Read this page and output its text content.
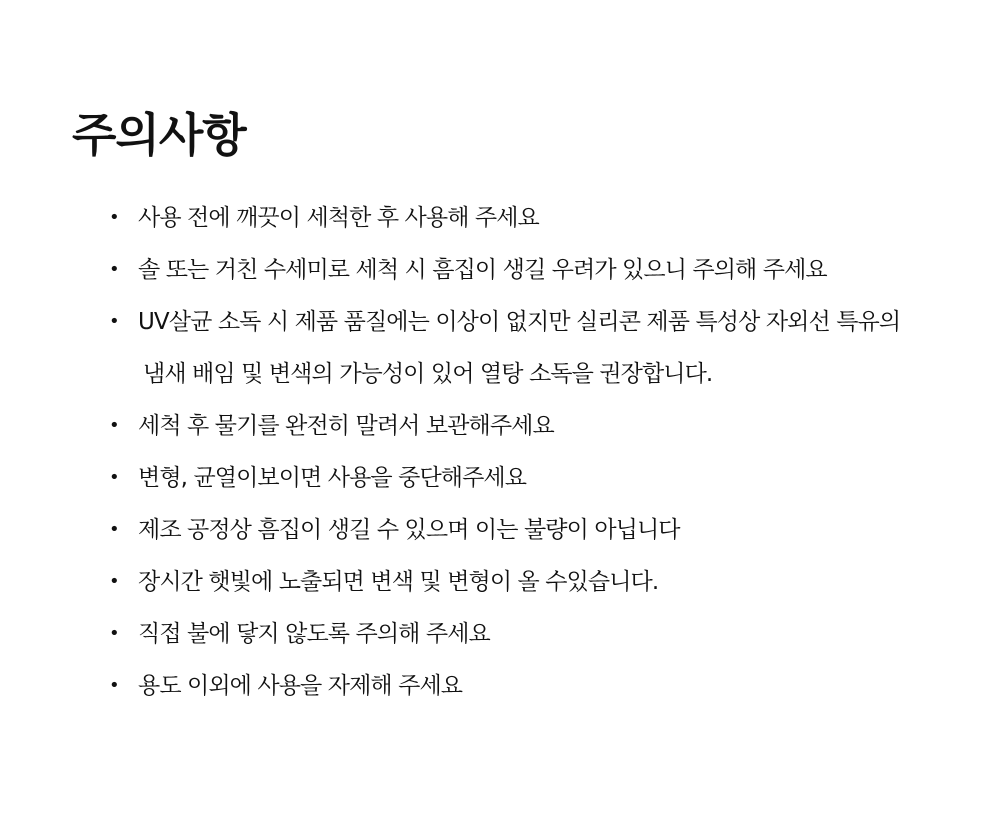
주의사항
• 사용 전에 깨끗이 세척한 후 사용해 주세요
• 솔 또는 거친 수세미로 세척 시 흠집이 생길 우려가 있으니 주의해 주세요
• UV살균 소독 시 제품 품질에는 이상이 없지만 실리콘 제품 특성상 자외선 특유의
냄새 배임 및 변색의 가능성이 있어 열탕 소독을 권장합니다.
• 세척 후 물기를 완전히 말려서 보관해주세요
• 변형, 균열이보이면 사용을 중단해주세요
• 제조 공정상 흠집이 생길 수 있으며 이는 불량이 아닙니다
• 장시간 햇빛에 노출되면 변색 및 변형이 올 수있습니다.
• 직접 불에 닿지 않도록 주의해 주세요
• 용도 이외에 사용을 자제해 주세요
